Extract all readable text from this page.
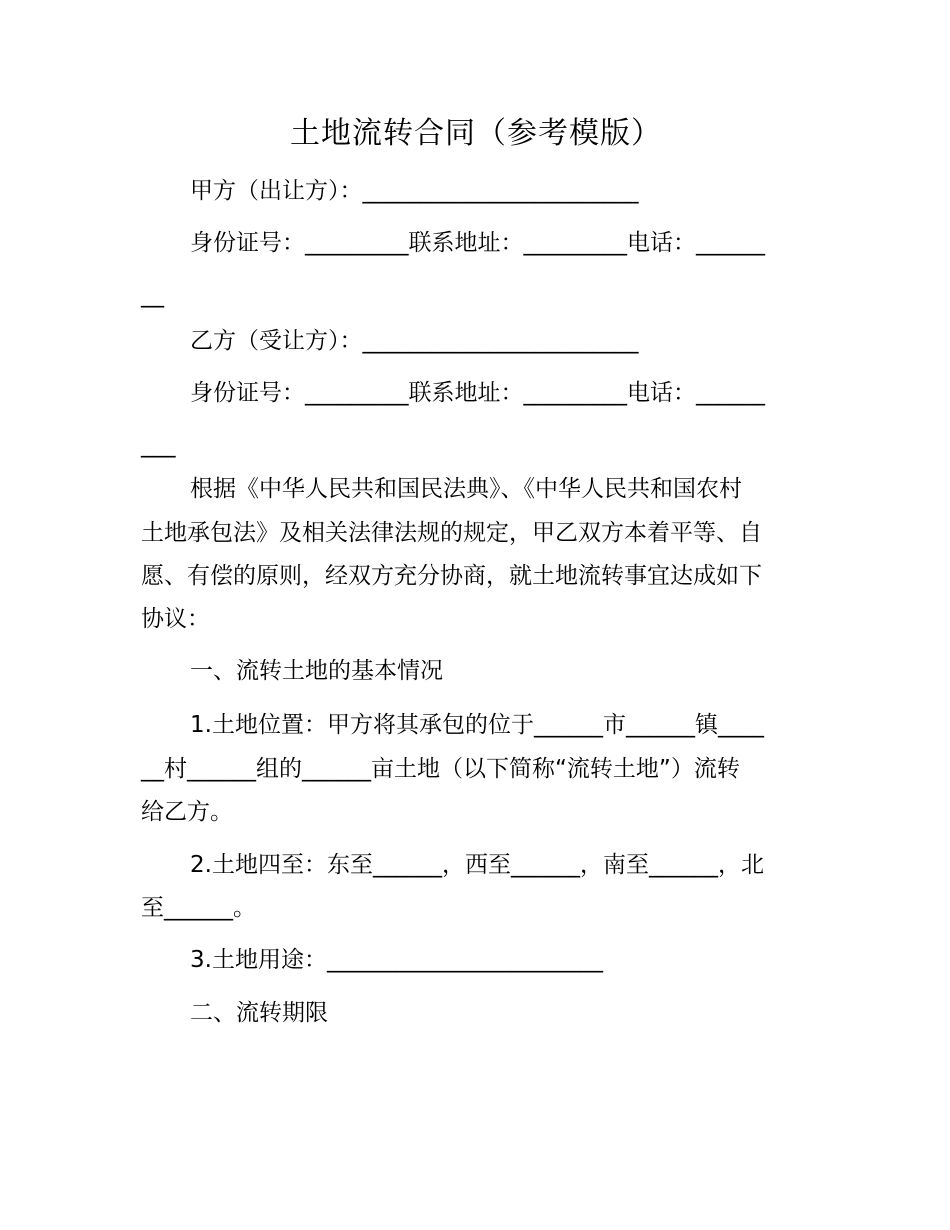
土地流转合同（参考模版）
甲方（出让方）：________________________
身份证号：_________联系地址：_________电话：______
__
乙方（受让方）：________________________
身份证号：_________联系地址：_________电话：______
___
根据《中华人民共和国民法典》、《中华人民共和国农村
土地承包法》及相关法律法规的规定，甲乙双方本着平等、自
愿、有偿的原则，经双方充分协商，就土地流转事宜达成如下
协议：
一、流转土地的基本情况
1.土地位置：甲方将其承包的位于______市______镇____
__村______组的______亩土地（以下简称“流转土地”）流转
给乙方。
2.土地四至：东至______，西至______，南至______，北
至______。
3.土地用途：________________________
二、流转期限
